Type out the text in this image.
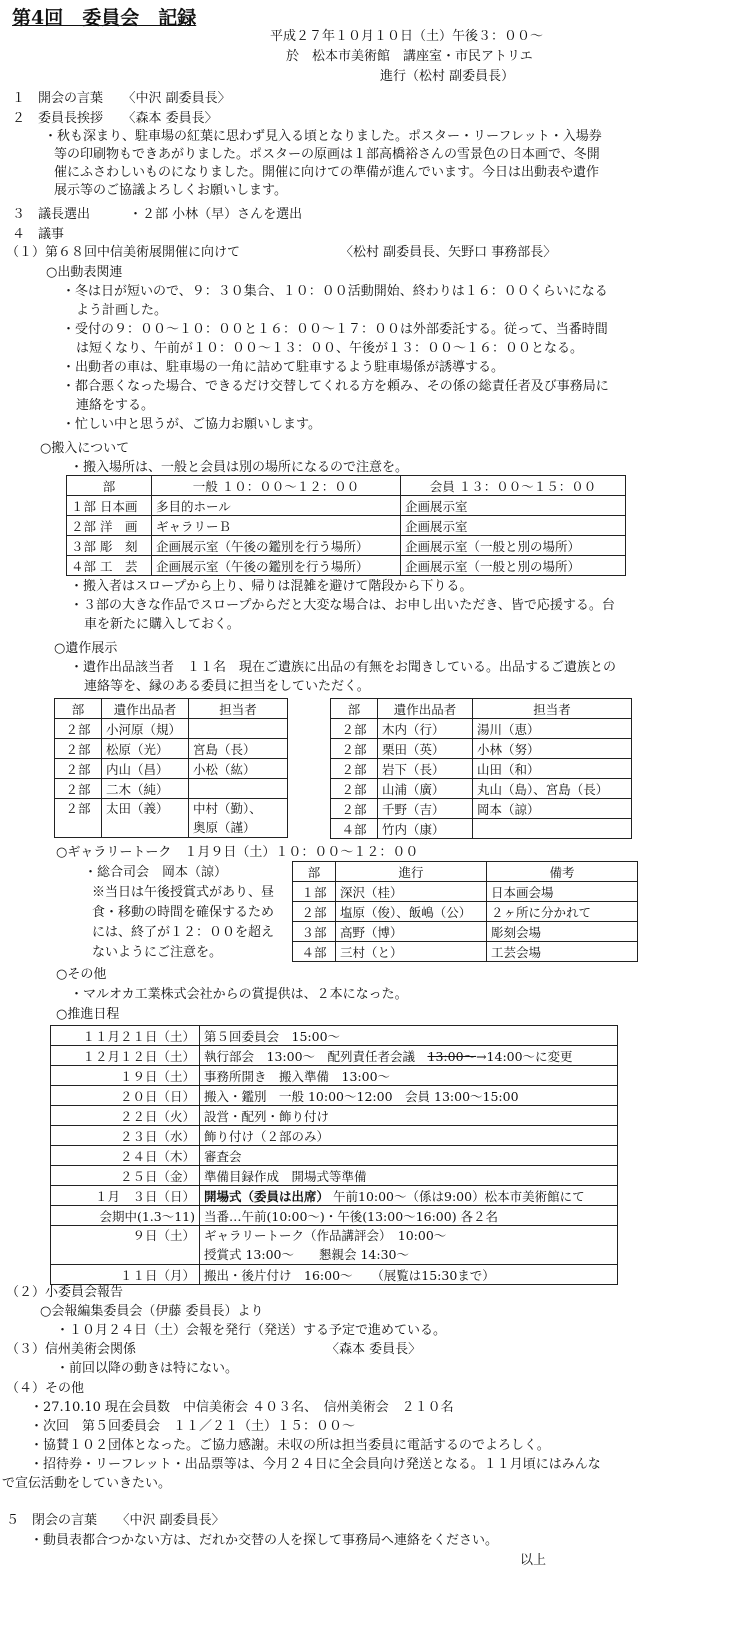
第4回　委員会　記録
平成２７年１０月１０日（土）午後３：００～
於　松本市美術館　講座室・市民アトリエ
進行（松村 副委員長）
１　開会の言葉　　〈中沢 副委員長〉
２　委員長挨拶　　〈森本 委員長〉
・秋も深まり、駐車場の紅葉に思わず見入る頃となりました。ポスター・リーフレット・入場券
等の印刷物もできあがりました。ポスターの原画は１部高橋裕さんの雪景色の日本画で、冬開
催にふさわしいものになりました。開催に向けての準備が進んでいます。今日は出動表や遺作
展示等のご協議よろしくお願いします。
３　議長選出　　　・２部 小林（早）さんを選出
４　議事
（１）第６８回中信美術展開催に向けて	〈松村 副委員長、矢野口 事務部長〉
○出動表関連
・冬は日が短いので、９：３０集合、１０：００活動開始、終わりは１６：００くらいになる
よう計画した。
・受付の９：００～１０：００と１６：００～１７：００は外部委託する。従って、当番時間
は短くなり、午前が１０：００～１３：００、午後が１３：００～１６：００となる。
・出動者の車は、駐車場の一角に詰めて駐車するよう駐車場係が誘導する。
・都合悪くなった場合、できるだけ交替してくれる方を頼み、その係の総責任者及び事務局に
連絡をする。
・忙しい中と思うが、ご協力お願いします。
○搬入について
・搬入場所は、一般と会員は別の場所になるので注意を。
部	一般 １０：００～１２：００	会員 １３：００～１５：００
１部 日本画	多目的ホール	企画展示室
２部 洋　画	ギャラリーＢ	企画展示室
３部 彫　刻	企画展示室（午後の鑑別を行う場所）	企画展示室（一般と別の場所）
４部 工　芸	企画展示室（午後の鑑別を行う場所）	企画展示室（一般と別の場所）
・搬入者はスロープから上り、帰りは混雑を避けて階段から下りる。
・３部の大きな作品でスロープからだと大変な場合は、お申し出いただき、皆で応援する。台
車を新たに購入しておく。
○遺作展示
・遺作出品該当者　１１名　現在ご遺族に出品の有無をお聞きしている。出品するご遺族との
連絡等を、縁のある委員に担当をしていただく。
部	遺作出品者	担当者
２部	小河原（規）	
２部	松原（光）	宮島（長）
２部	内山（昌）	小松（紘）
２部	二木（純）	
２部	太田（義）	中村（勤）、
奥原（謹）
部	遺作出品者	担当者
２部	木内（行）	湯川（恵）
２部	栗田（英）	小林（努）
２部	岩下（長）	山田（和）
２部	山浦（廣）	丸山（島）、宮島（長）
２部	千野（吉）	岡本（諒）
４部	竹内（康）	
○ギャラリートーク　１月９日（土）１０：００～１２：００
・総合司会　岡本（諒）
※当日は午後授賞式があり、昼
食・移動の時間を確保するため
には、終了が１２：００を超え
ないようにご注意を。
部	進行	備考
１部	深沢（桂）	日本画会場
２部	塩原（俊）、飯嶋（公）	２ヶ所に分かれて
３部	高野（博）	彫刻会場
４部	三村（と）	工芸会場
○その他
・マルオカ工業株式会社からの賞提供は、２本になった。
○推進日程
１１月２１日（土）	第５回委員会　15:00～
１２月１２日（土）	執行部会　13:00～　配列責任者会議　13:00～→14:00～に変更
１９日（土）	事務所開き　搬入準備　13:00～
２０日（日）	搬入・鑑別　一般 10:00～12:00　会員 13:00～15:00
２２日（火）	設営・配列・飾り付け
２３日（水）	飾り付け（２部のみ）
２４日（木）	審査会
２５日（金）	準備目録作成　開場式等準備
１月　３日（日）	開場式（委員は出席） 午前10:00～（係は9:00）松本市美術館にて
会期中(1.3～11)	当番…午前(10:00～)・午後(13:00～16:00) 各２名
９日（土）	ギャラリートーク（作品講評会）　10:00～
授賞式 13:00～　　懇親会 14:30～
１１日（月）	搬出・後片付け　16:00～　　（展覧は15:30まで）
（２）小委員会報告
○会報編集委員会（伊藤 委員長）より
・１０月２４日（土）会報を発行（発送）する予定で進めている。
（３）信州美術会関係	〈森本 委員長〉
・前回以降の動きは特にない。
（４）その他
・27.10.10 現在会員数　中信美術会 ４０３名、　信州美術会　２１０名
・次回　第５回委員会　１１／２１（土）１５：００～
・協賛１０２団体となった。ご協力感謝。未収の所は担当委員に電話するのでよろしく。
・招待券・リーフレット・出品票等は、今月２４日に全会員向け発送となる。１１月頃にはみんな
で宣伝活動をしていきたい。
５　閉会の言葉　　〈中沢 副委員長〉
・動員表都合つかない方は、だれか交替の人を探して事務局へ連絡をください。
以上
